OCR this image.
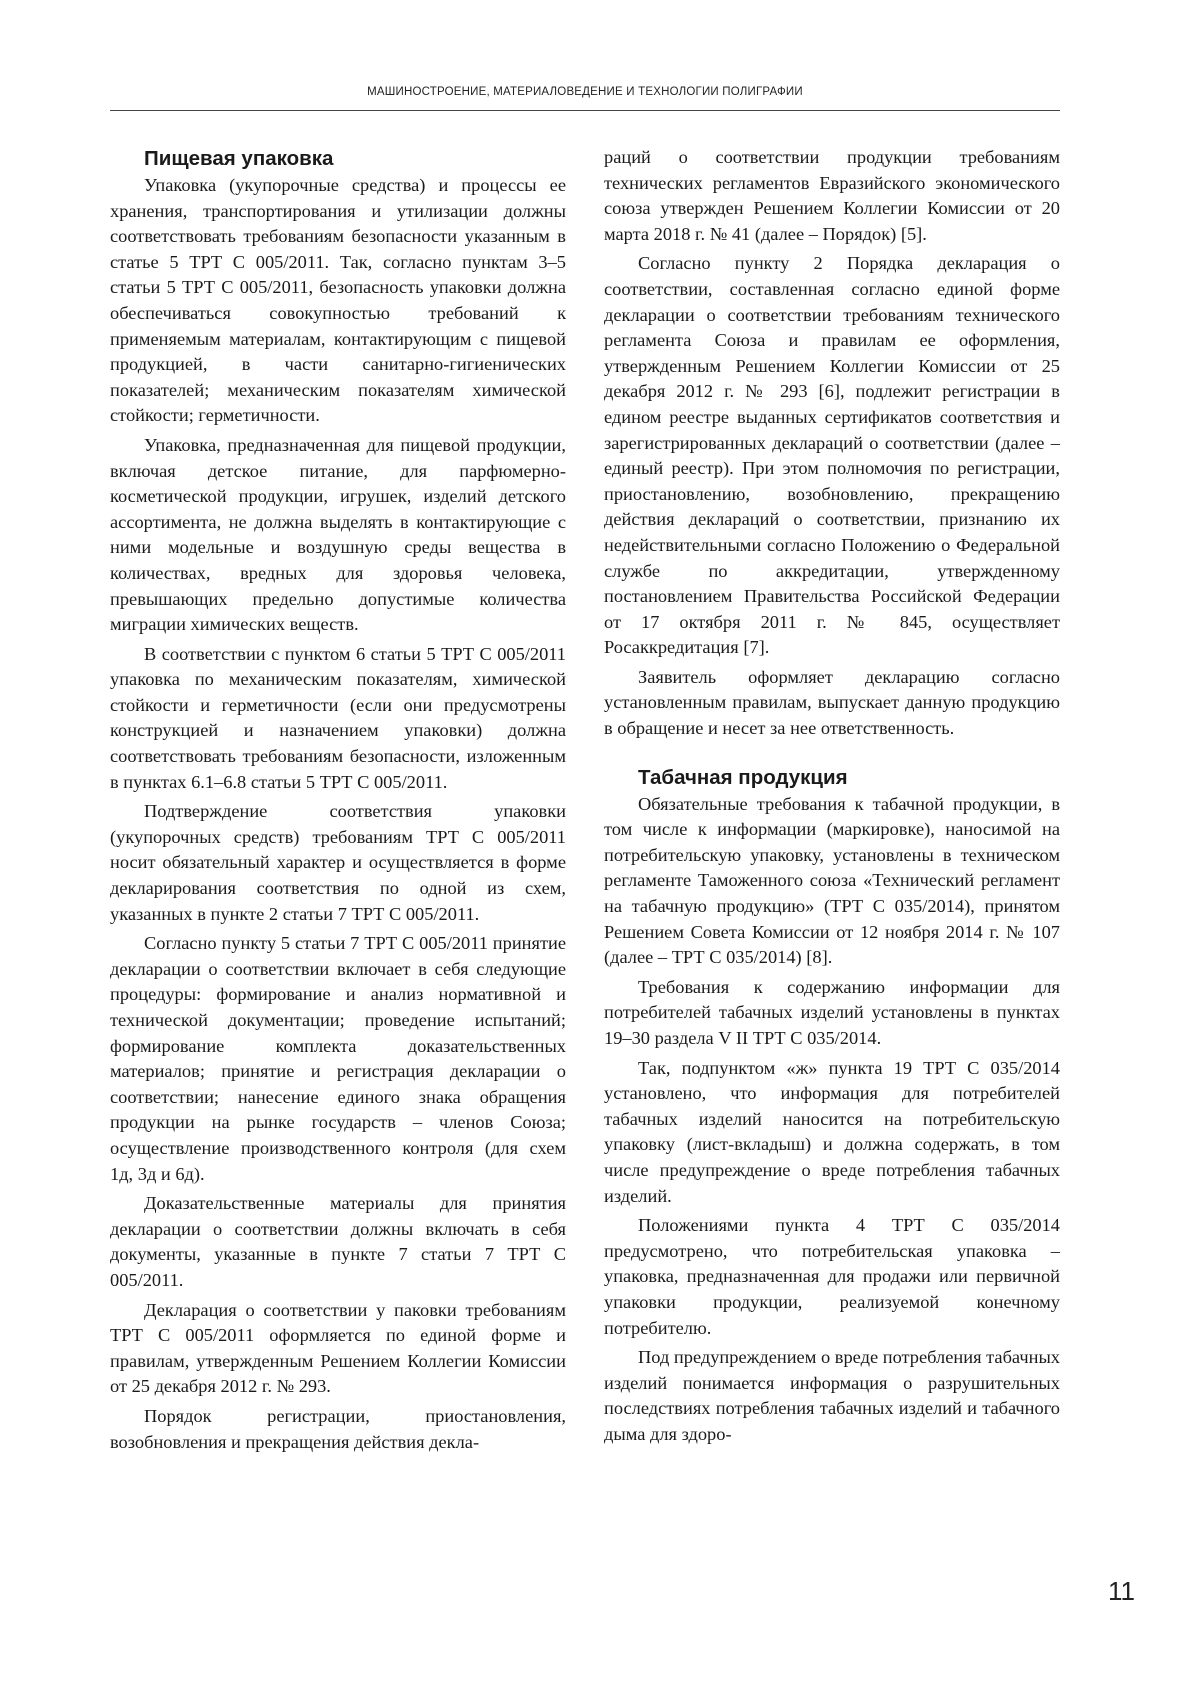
МАШИНОСТРОЕНИЕ, МАТЕРИАЛОВЕДЕНИЕ И ТЕХНОЛОГИИ ПОЛИГРАФИИ
Пищевая упаковка

Упаковка (укупорочные средства) и процессы ее хранения, транспортирования и утилизации должны соответствовать требованиям безопасности указанным в статье 5 ТРТ С 005/2011. Так, согласно пунктам 3–5 статьи 5 ТРТ С 005/2011, безопасность упаковки должна обеспечиваться совокупностью требований к применяемым материалам, контактирующим с пищевой продукцией, в части санитарно-гигиенических показателей; механическим показателям химической стойкости; герметичности.

Упаковка, предназначенная для пищевой продукции, включая детское питание, для парфюмерно-косметической продукции, игрушек, изделий детского ассортимента, не должна выделять в контактирующие с ними модельные и воздушную среды вещества в количествах, вредных для здоровья человека, превышающих предельно допустимые количества миграции химических веществ.

В соответствии с пунктом 6 статьи 5 ТРТ С 005/2011 упаковка по механическим показателям, химической стойкости и герметичности (если они предусмотрены конструкцией и назначением упаковки) должна соответствовать требованиям безопасности, изложенным в пунктах 6.1–6.8 статьи 5 ТРТ С 005/2011.

Подтверждение соответствия упаковки (укупорочных средств) требованиям ТРТ С 005/2011 носит обязательный характер и осуществляется в форме декларирования соответствия по одной из схем, указанных в пункте 2 статьи 7 ТРТ С 005/2011.

Согласно пункту 5 статьи 7 ТРТ С 005/2011 принятие декларации о соответствии включает в себя следующие процедуры: формирование и анализ нормативной и технической документации; проведение испытаний; формирование комплекта доказательственных материалов; принятие и регистрация декларации о соответствии; нанесение единого знака обращения продукции на рынке государств – членов Союза; осуществление производственного контроля (для схем 1д, 3д и 6д).

Доказательственные материалы для принятия декларации о соответствии должны включать в себя документы, указанные в пункте 7 статьи 7 ТРТ С 005/2011.

Декларация о соответствии у паковки требованиям ТРТ С 005/2011 оформляется по единой форме и правилам, утвержденным Решением Коллегии Комиссии от 25 декабря 2012 г. № 293.

Порядок регистрации, приостановления, возобновления и прекращения действия декла-

раций о соответствии продукции требованиям технических регламентов Евразийского экономического союза утвержден Решением Коллегии Комиссии от 20 марта 2018 г. № 41 (далее – Порядок) [5].

Согласно пункту 2 Порядка декларация о соответствии, составленная согласно единой форме декларации о соответствии требованиям технического регламента Союза и правилам ее оформления, утвержденным Решением Коллегии Комиссии от 25 декабря 2012 г. № 293 [6], подлежит регистрации в едином реестре выданных сертификатов соответствия и зарегистрированных деклараций о соответствии (далее – единый реестр). При этом полномочия по регистрации, приостановлению, возобновлению, прекращению действия деклараций о соответствии, признанию их недействительными согласно Положению о Федеральной службе по аккредитации, утвержденному постановлением Правительства Российской Федерации от 17 октября 2011 г. № 845, осуществляет Росаккредитация [7].

Заявитель оформляет декларацию согласно установленным правилам, выпускает данную продукцию в обращение и несет за нее ответственность.

Табачная продукция

Обязательные требования к табачной продукции, в том числе к информации (маркировке), наносимой на потребительскую упаковку, установлены в техническом регламенте Таможенного союза «Технический регламент на табачную продукцию» (ТРТ С 035/2014), принятом Решением Совета Комиссии от 12 ноября 2014 г. № 107 (далее – ТРТ С 035/2014) [8].

Требования к содержанию информации для потребителей табачных изделий установлены в пунктах 19–30 раздела V II ТРТ С 035/2014.

Так, подпунктом «ж» пункта 19 ТРТ С 035/2014 установлено, что информация для потребителей табачных изделий наносится на потребительскую упаковку (лист-вкладыш) и должна содержать, в том числе предупреждение о вреде потребления табачных изделий.

Положениями пункта 4 ТРТ С 035/2014 предусмотрено, что потребительская упаковка – упаковка, предназначенная для продажи или первичной упаковки продукции, реализуемой конечному потребителю.

Под предупреждением о вреде потребления табачных изделий понимается информация о разрушительных последствиях потребления табачных изделий и табачного дыма для здоро-

11
